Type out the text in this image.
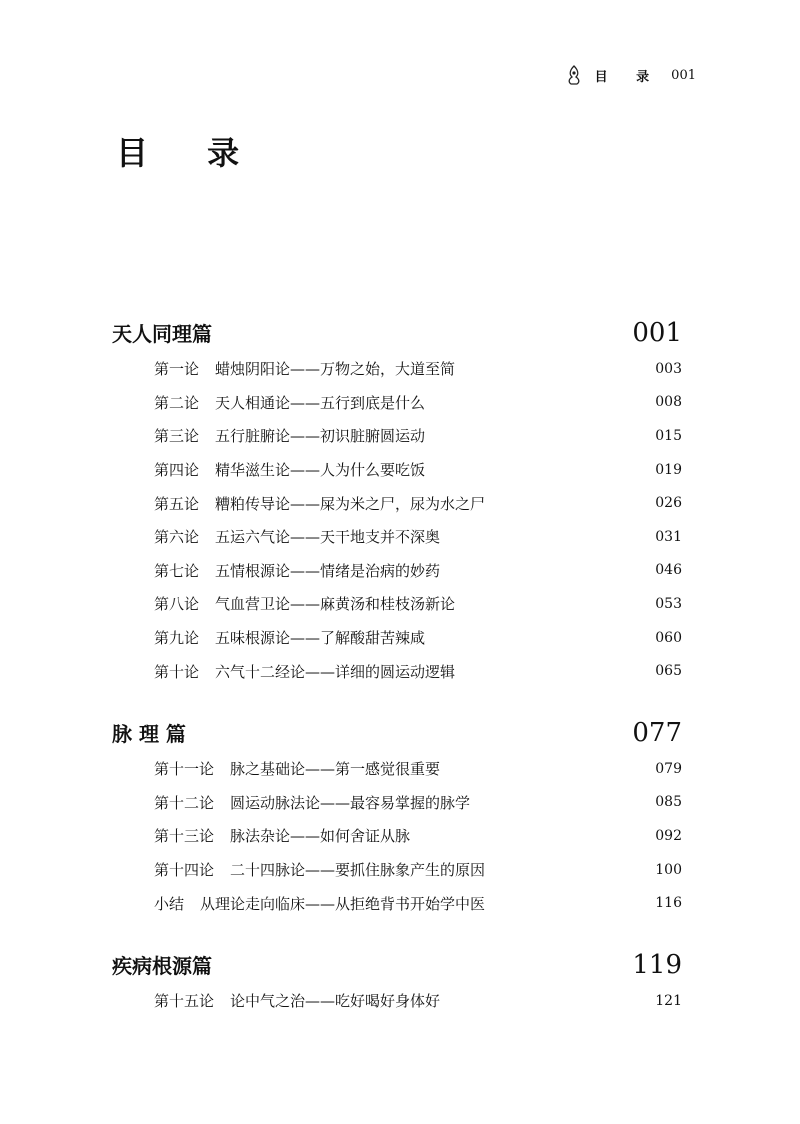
目 录 001
目 录
天人同理篇	001
第一论 蜡烛阴阳论——万物之始，大道至简	003
第二论 天人相通论——五行到底是什么	008
第三论 五行脏腑论——初识脏腑圆运动	015
第四论 精华滋生论——人为什么要吃饭	019
第五论 糟粕传导论——屎为米之尸，尿为水之尸	026
第六论 五运六气论——天干地支并不深奥	031
第七论 五情根源论——情绪是治病的妙药	046
第八论 气血营卫论——麻黄汤和桂枝汤新论	053
第九论 五味根源论——了解酸甜苦辣咸	060
第十论 六气十二经论——详细的圆运动逻辑	065
脉 理 篇	077
第十一论 脉之基础论——第一感觉很重要	079
第十二论 圆运动脉法论——最容易掌握的脉学	085
第十三论 脉法杂论——如何舍证从脉	092
第十四论 二十四脉论——要抓住脉象产生的原因	100
小结 从理论走向临床——从拒绝背书开始学中医	116
疾病根源篇	119
第十五论 论中气之治——吃好喝好身体好	121
